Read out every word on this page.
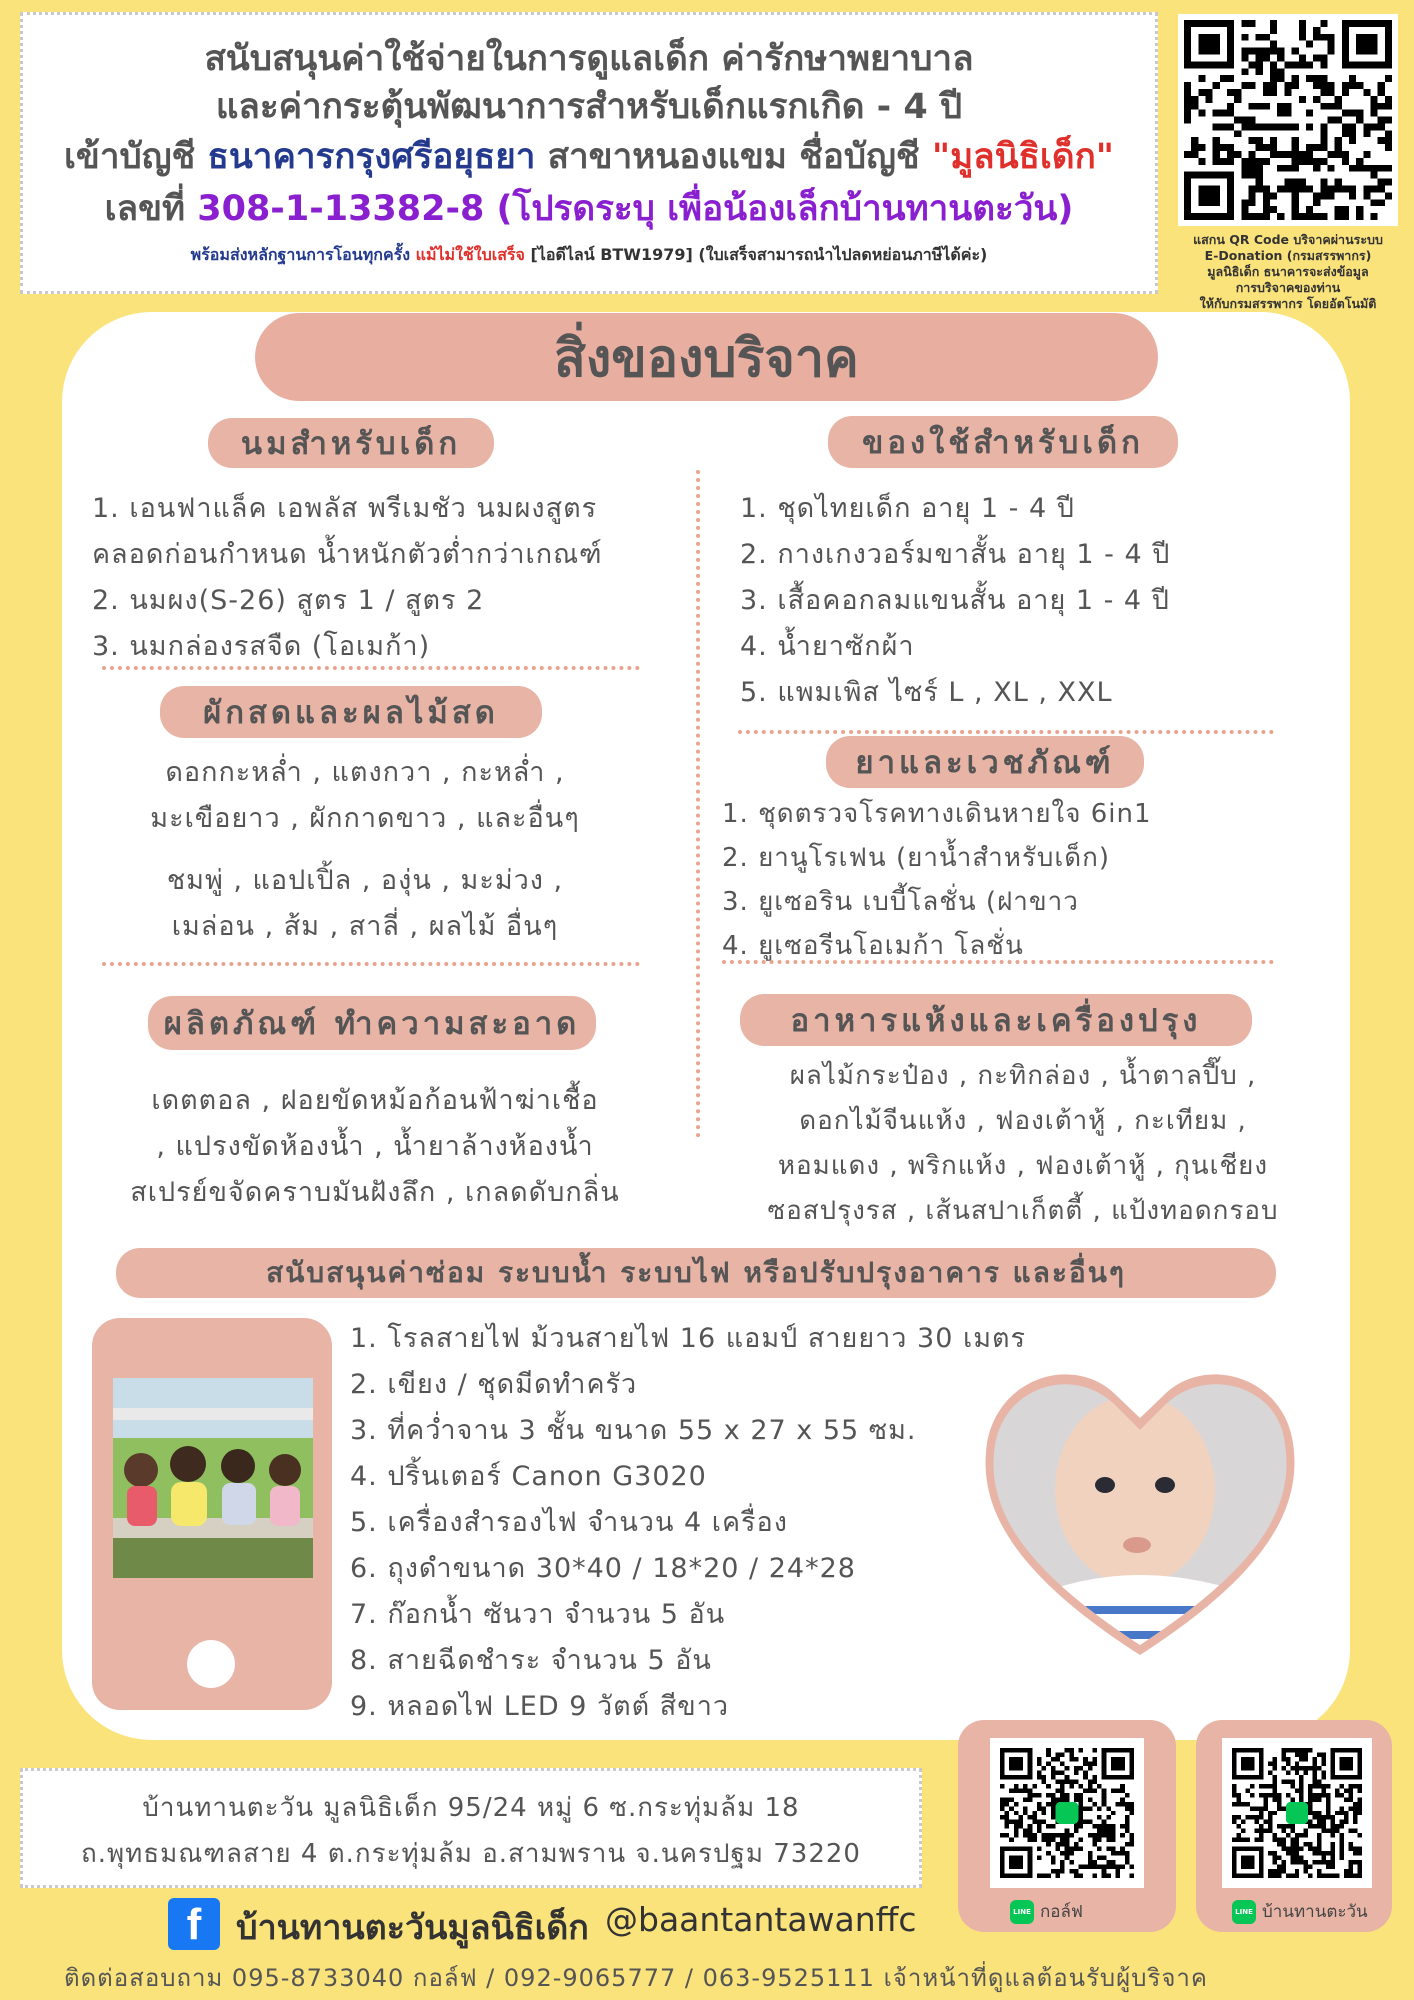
สนับสนุนค่าใช้จ่ายในการดูแลเด็ก ค่ารักษาพยาบาล
และค่ากระตุ้นพัฒนาการสำหรับเด็กแรกเกิด - 4 ปี
เข้าบัญชี ธนาคารกรุงศรีอยุธยา สาขาหนองแขม ชื่อบัญชี "มูลนิธิเด็ก"
เลขที่ 308-1-13382-8 (โปรดระบุ เพื่อน้องเล็กบ้านทานตะวัน)
พร้อมส่งหลักฐานการโอนทุกครั้ง แม้ไม่ใช้ใบเสร็จ [ไอดีไลน์ BTW1979] (ใบเสร็จสามารถนำไปลดหย่อนภาษีได้ค่ะ)
แสกน QR Code บริจาคผ่านระบบ
E-Donation (กรมสรรพากร)
มูลนิธิเด็ก ธนาคารจะส่งข้อมูล
การบริจาคของท่าน
ให้กับกรมสรรพากร โดยอัตโนมัติ
สิ่งของบริจาค
นมสำหรับเด็ก
1. เอนฟาแล็ค เอพลัส พรีเมชัว นมผงสูตร
คลอดก่อนกำหนด น้ำหนักตัวต่ำกว่าเกณฑ์
2. นมผง(S-26) สูตร 1 / สูตร 2
3. นมกล่องรสจืด (โอเมก้า)
ผักสดและผลไม้สด
ดอกกะหล่ำ , แตงกวา , กะหล่ำ ,
มะเขือยาว , ผักกาดขาว , และอื่นๆ
ชมพู่ , แอปเปิ้ล , องุ่น , มะม่วง ,
เมล่อน , ส้ม , สาลี่ , ผลไม้ อื่นๆ
ผลิตภัณฑ์ ทำความสะอาด
เดตตอล , ฝอยขัดหม้อก้อนฟ้าฆ่าเชื้อ
, แปรงขัดห้องน้ำ , น้ำยาล้างห้องน้ำ
สเปรย์ขจัดคราบมันฝังลึก , เกลดดับกลิ่น
ของใช้สำหรับเด็ก
1. ชุดไทยเด็ก อายุ 1 - 4 ปี
2. กางเกงวอร์มขาสั้น อายุ 1 - 4 ปี
3. เสื้อคอกลมแขนสั้น อายุ 1 - 4 ปี
4. น้ำยาซักผ้า
5. แพมเพิส ไซร์ L , XL , XXL
ยาและเวชภัณฑ์
1. ชุดตรวจโรคทางเดินหายใจ 6in1
2. ยานูโรเฟน (ยาน้ำสำหรับเด็ก)
3. ยูเซอริน เบบี้โลชั่น (ฝาขาว
4. ยูเซอรีนโอเมก้า โลชั่น
อาหารแห้งและเครื่องปรุง
ผลไม้กระป๋อง , กะทิกล่อง , น้ำตาลปี๊บ ,
ดอกไม้จีนแห้ง , ฟองเต้าหู้ , กะเทียม ,
หอมแดง , พริกแห้ง , ฟองเต้าหู้ , กุนเชียง
ซอสปรุงรส , เส้นสปาเก็ตตี้ , แป้งทอดกรอบ
สนับสนุนค่าซ่อม ระบบน้ำ ระบบไฟ หรือปรับปรุงอาคาร และอื่นๆ
1. โรลสายไฟ ม้วนสายไฟ 16 แอมป์ สายยาว 30 เมตร
2. เขียง / ชุดมีดทำครัว
3. ที่คว่ำจาน 3 ชั้น ขนาด 55 x 27 x 55 ซม.
4. ปริ้นเตอร์ Canon G3020
5. เครื่องสำรองไฟ จำนวน 4 เครื่อง
6. ถุงดำขนาด 30*40 / 18*20 / 24*28
7. ก๊อกน้ำ ซันวา จำนวน 5 อัน
8. สายฉีดชำระ จำนวน 5 อัน
9. หลอดไฟ LED 9 วัตต์ สีขาว
บ้านทานตะวัน มูลนิธิเด็ก 95/24 หมู่ 6 ซ.กระทุ่มล้ม 18
ถ.พุทธมณฑลสาย 4 ต.กระทุ่มล้ม อ.สามพราน จ.นครปฐม 73220
LINE กอล์ฟ	LINE บ้านทานตะวัน
f	บ้านทานตะวันมูลนิธิเด็ก @baantantawanffc
ติดต่อสอบถาม 095-8733040 กอล์ฟ / 092-9065777 / 063-9525111 เจ้าหน้าที่ดูแลต้อนรับผู้บริจาค
